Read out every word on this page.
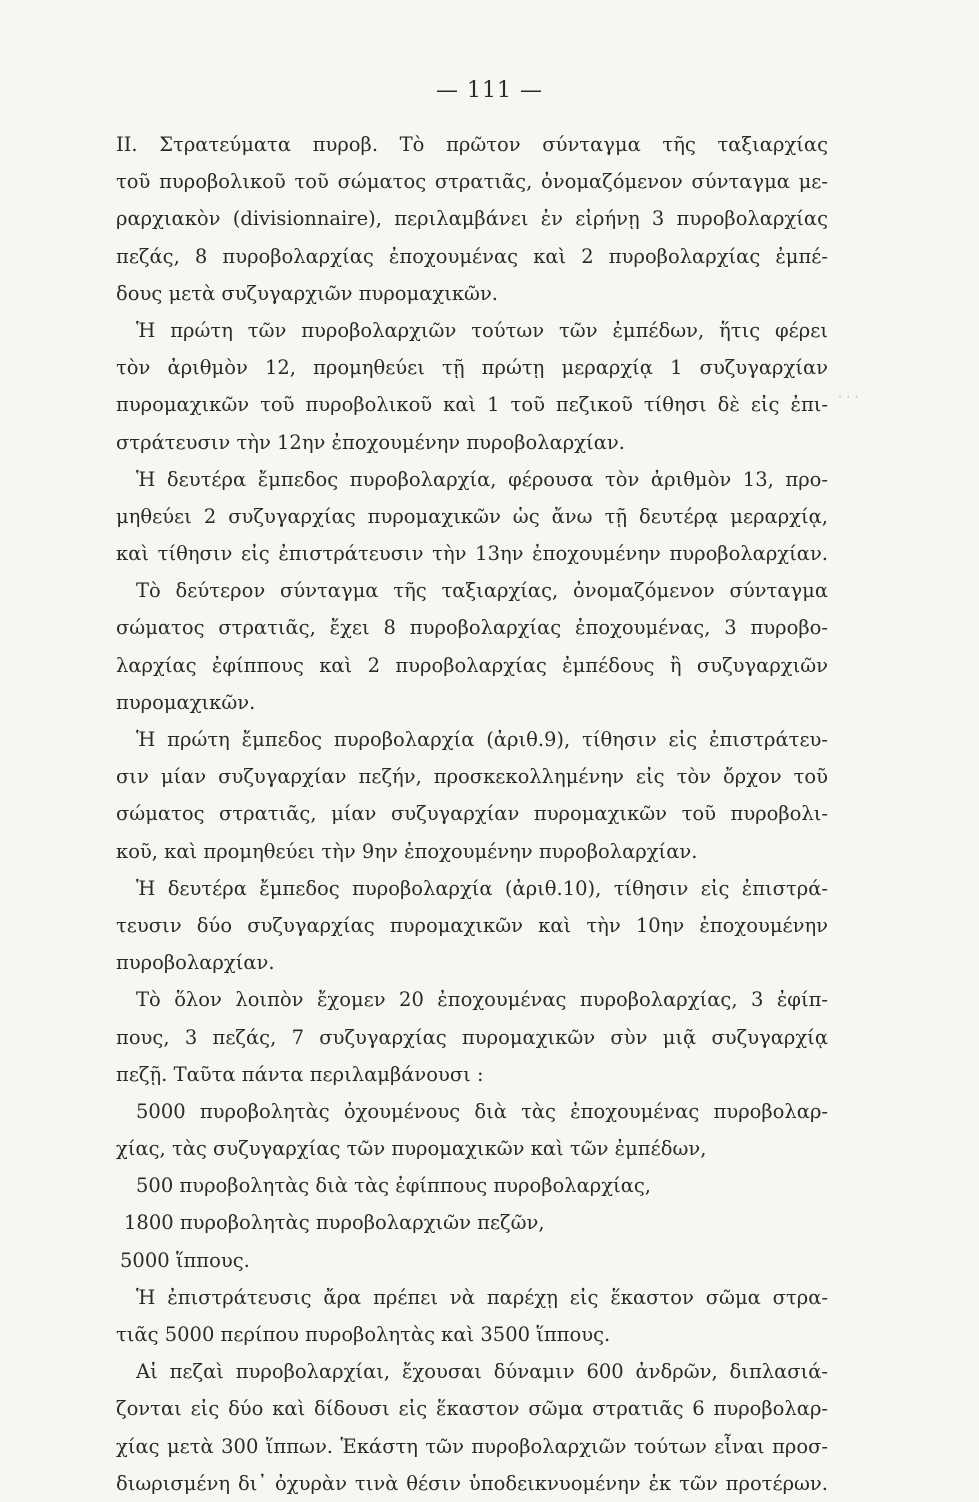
— 111 —
· · ·
II. Στρατεύματα πυροβ. Τὸ πρῶτον σύνταγμα τῆς ταξιαρχίας
τοῦ πυροβολικοῦ τοῦ σώματος στρατιᾶς, ὀνομαζόμενον σύνταγμα με-
ραρχιακὸν (divisionnaire), περιλαμβάνει ἐν εἰρήνῃ 3 πυροβολαρχίας
πεζάς, 8 πυροβολαρχίας ἐποχουμένας καὶ 2 πυροβολαρχίας ἐμπέ-
δους μετὰ συζυγαρχιῶν πυρομαχικῶν.
Ἡ πρώτη τῶν πυροβολαρχιῶν τούτων τῶν ἐμπέδων, ἥτις φέρει
τὸν ἀριθμὸν 12, προμηθεύει τῇ πρώτῃ μεραρχίᾳ 1 συζυγαρχίαν
πυρομαχικῶν τοῦ πυροβολικοῦ καὶ 1 τοῦ πεζικοῦ τίθησι δὲ εἰς ἐπι-
στράτευσιν τὴν 12ην ἐποχουμένην πυροβολαρχίαν.
Ἡ δευτέρα ἔμπεδος πυροβολαρχία, φέρουσα τὸν ἀριθμὸν 13, προ-
μηθεύει 2 συζυγαρχίας πυρομαχικῶν ὡς ἄνω τῇ δευτέρᾳ μεραρχίᾳ,
καὶ τίθησιν εἰς ἐπιστράτευσιν τὴν 13ην ἐποχουμένην πυροβολαρχίαν.
Τὸ δεύτερον σύνταγμα τῆς ταξιαρχίας, ὀνομαζόμενον σύνταγμα
σώματος στρατιᾶς, ἔχει 8 πυροβολαρχίας ἐποχουμένας, 3 πυροβο-
λαρχίας ἐφίππους καὶ 2 πυροβολαρχίας ἐμπέδους ἢ συζυγαρχιῶν
πυρομαχικῶν.
Ἡ πρώτη ἔμπεδος πυροβολαρχία (ἀριθ.9), τίθησιν εἰς ἐπιστράτευ-
σιν μίαν συζυγαρχίαν πεζήν, προσκεκολλημένην εἰς τὸν ὄρχον τοῦ
σώματος στρατιᾶς, μίαν συζυγαρχίαν πυρομαχικῶν τοῦ πυροβολι-
κοῦ, καὶ προμηθεύει τὴν 9ην ἐποχουμένην πυροβολαρχίαν.
Ἡ δευτέρα ἔμπεδος πυροβολαρχία (ἀριθ.10), τίθησιν εἰς ἐπιστρά-
τευσιν δύο συζυγαρχίας πυρομαχικῶν καὶ τὴν 10ην ἐποχουμένην
πυροβολαρχίαν.
Τὸ ὅλον λοιπὸν ἔχομεν 20 ἐποχουμένας πυροβολαρχίας, 3 ἐφίπ-
πους, 3 πεζάς, 7 συζυγαρχίας πυρομαχικῶν σὺν μιᾷ συζυγαρχίᾳ
πεζῇ. Ταῦτα πάντα περιλαμβάνουσι :
5000 πυροβολητὰς ὀχουμένους διὰ τὰς ἐποχουμένας πυροβολαρ-
χίας, τὰς συζυγαρχίας τῶν πυρομαχικῶν καὶ τῶν ἐμπέδων,
500 πυροβολητὰς διὰ τὰς ἐφίππους πυροβολαρχίας,
1800 πυροβολητὰς πυροβολαρχιῶν πεζῶν,
5000 ἵππους.
Ἡ ἐπιστράτευσις ἄρα πρέπει νὰ παρέχῃ εἰς ἕκαστον σῶμα στρα-
τιᾶς 5000 περίπου πυροβολητὰς καὶ 3500 ἵππους.
Αἱ πεζαὶ πυροβολαρχίαι, ἔχουσαι δύναμιν 600 ἀνδρῶν, διπλασιά-
ζονται εἰς δύο καὶ δίδουσι εἰς ἕκαστον σῶμα στρατιᾶς 6 πυροβολαρ-
χίας μετὰ 300 ἵππων. Ἑκάστη τῶν πυροβολαρχιῶν τούτων εἶναι προσ-
διωρισμένη δι᾽ ὀχυρὰν τινὰ θέσιν ὑποδεικνυομένην ἐκ τῶν προτέρων.
